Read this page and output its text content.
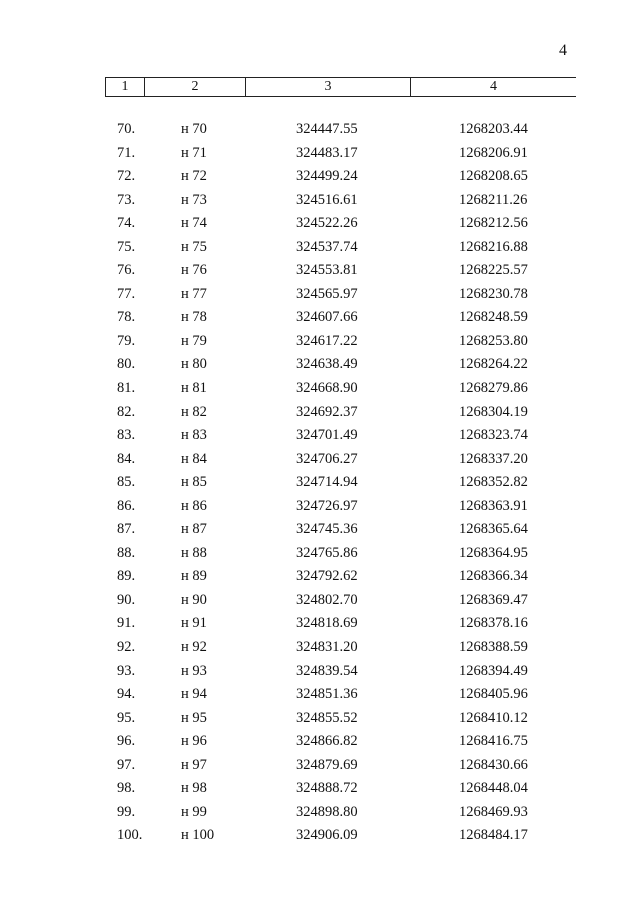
4
1	2	3	4
70.	н 70	324447.55	1268203.44
71.	н 71	324483.17	1268206.91
72.	н 72	324499.24	1268208.65
73.	н 73	324516.61	1268211.26
74.	н 74	324522.26	1268212.56
75.	н 75	324537.74	1268216.88
76.	н 76	324553.81	1268225.57
77.	н 77	324565.97	1268230.78
78.	н 78	324607.66	1268248.59
79.	н 79	324617.22	1268253.80
80.	н 80	324638.49	1268264.22
81.	н 81	324668.90	1268279.86
82.	н 82	324692.37	1268304.19
83.	н 83	324701.49	1268323.74
84.	н 84	324706.27	1268337.20
85.	н 85	324714.94	1268352.82
86.	н 86	324726.97	1268363.91
87.	н 87	324745.36	1268365.64
88.	н 88	324765.86	1268364.95
89.	н 89	324792.62	1268366.34
90.	н 90	324802.70	1268369.47
91.	н 91	324818.69	1268378.16
92.	н 92	324831.20	1268388.59
93.	н 93	324839.54	1268394.49
94.	н 94	324851.36	1268405.96
95.	н 95	324855.52	1268410.12
96.	н 96	324866.82	1268416.75
97.	н 97	324879.69	1268430.66
98.	н 98	324888.72	1268448.04
99.	н 99	324898.80	1268469.93
100.	н 100	324906.09	1268484.17
